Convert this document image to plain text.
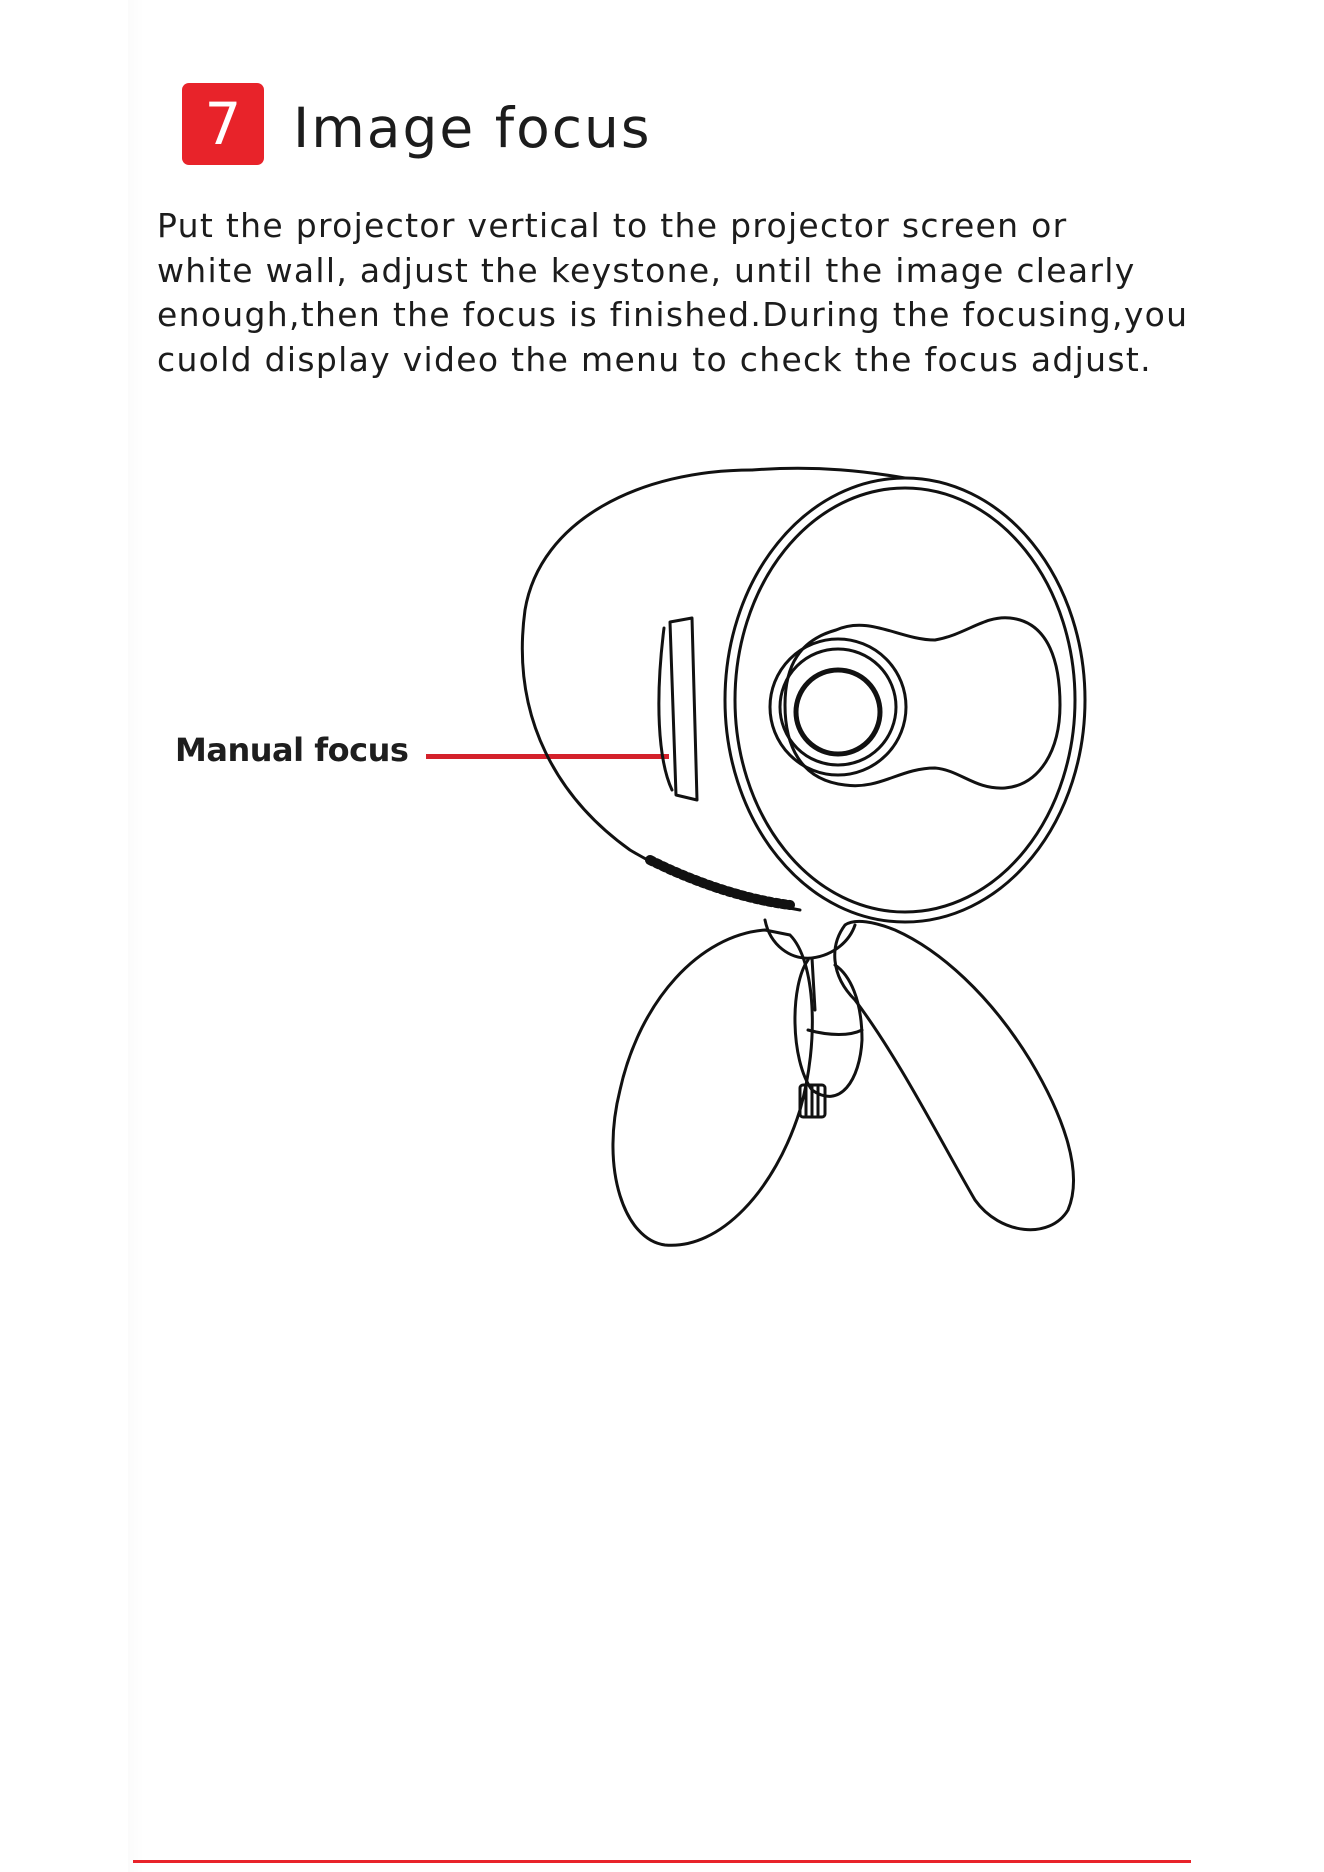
7 Image focus
Put the projector vertical to the projector screen or
white wall, adjust the keystone, until the image clearly
enough,then the focus is finished.During the focusing,you
cuold display video the menu to check the focus adjust.
Manual focus
